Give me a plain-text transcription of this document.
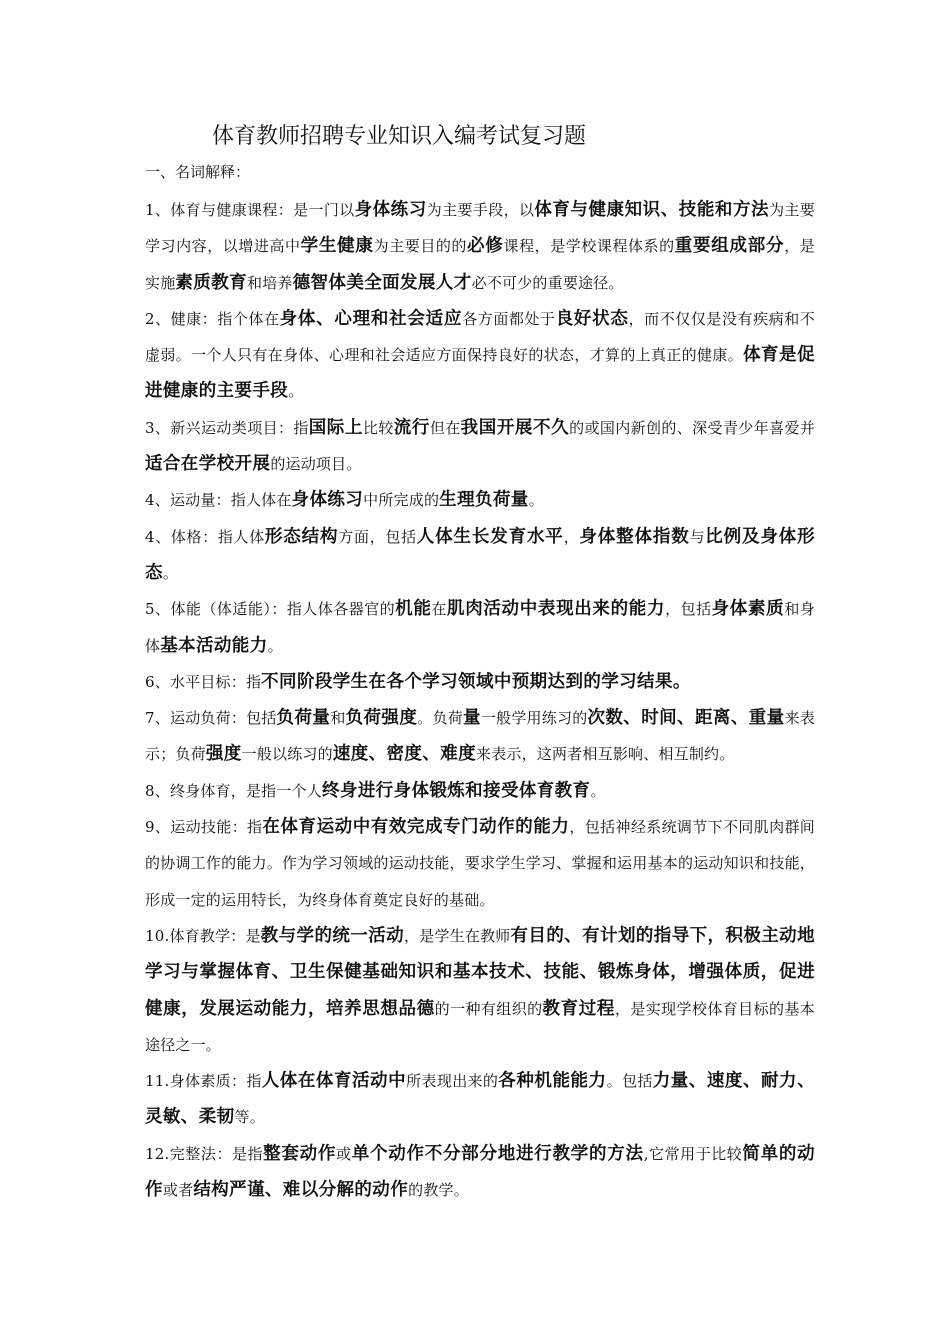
体育教师招聘专业知识入编考试复习题
一、名词解释：

1、体育与健康课程：是一门以身体练习为主要手段，以体育与健康知识、技能和方法为主要学习内容，以增进高中学生健康为主要目的的必修课程，是学校课程体系的重要组成部分，是实施素质教育和培养德智体美全面发展人才必不可少的重要途径。

2、健康：指个体在身体、心理和社会适应各方面都处于良好状态，而不仅仅是没有疾病和不虚弱。一个人只有在身体、心理和社会适应方面保持良好的状态，才算的上真正的健康。体育是促进健康的主要手段。

3、新兴运动类项目：指国际上比较流行但在我国开展不久的或国内新创的、深受青少年喜爱并适合在学校开展的运动项目。

4、运动量：指人体在身体练习中所完成的生理负荷量。

4、体格：指人体形态结构方面，包括人体生长发育水平，身体整体指数与比例及身体形态。

5、体能（体适能）：指人体各器官的机能在肌肉活动中表现出来的能力，包括身体素质和身体基本活动能力。

6、水平目标：指不同阶段学生在各个学习领域中预期达到的学习结果。

7、运动负荷：包括负荷量和负荷强度。负荷量一般学用练习的次数、时间、距离、重量来表示；负荷强度一般以练习的速度、密度、难度来表示，这两者相互影响、相互制约。

8、终身体育，是指一个人终身进行身体锻炼和接受体育教育。

9、运动技能：指在体育运动中有效完成专门动作的能力，包括神经系统调节下不同肌肉群间的协调工作的能力。作为学习领域的运动技能，要求学生学习、掌握和运用基本的运动知识和技能，形成一定的运用特长，为终身体育奠定良好的基础。

10.体育教学：是教与学的统一活动，是学生在教师有目的、有计划的指导下，积极主动地学习与掌握体育、卫生保健基础知识和基本技术、技能、锻炼身体，增强体质，促进健康，发展运动能力，培养思想品德的一种有组织的教育过程，是实现学校体育目标的基本途径之一。

11.身体素质：指人体在体育活动中所表现出来的各种机能能力。包括力量、速度、耐力、灵敏、柔韧等。

12.完整法：是指整套动作或单个动作不分部分地进行教学的方法,它常用于比较简单的动作或者结构严谨、难以分解的动作的教学。
